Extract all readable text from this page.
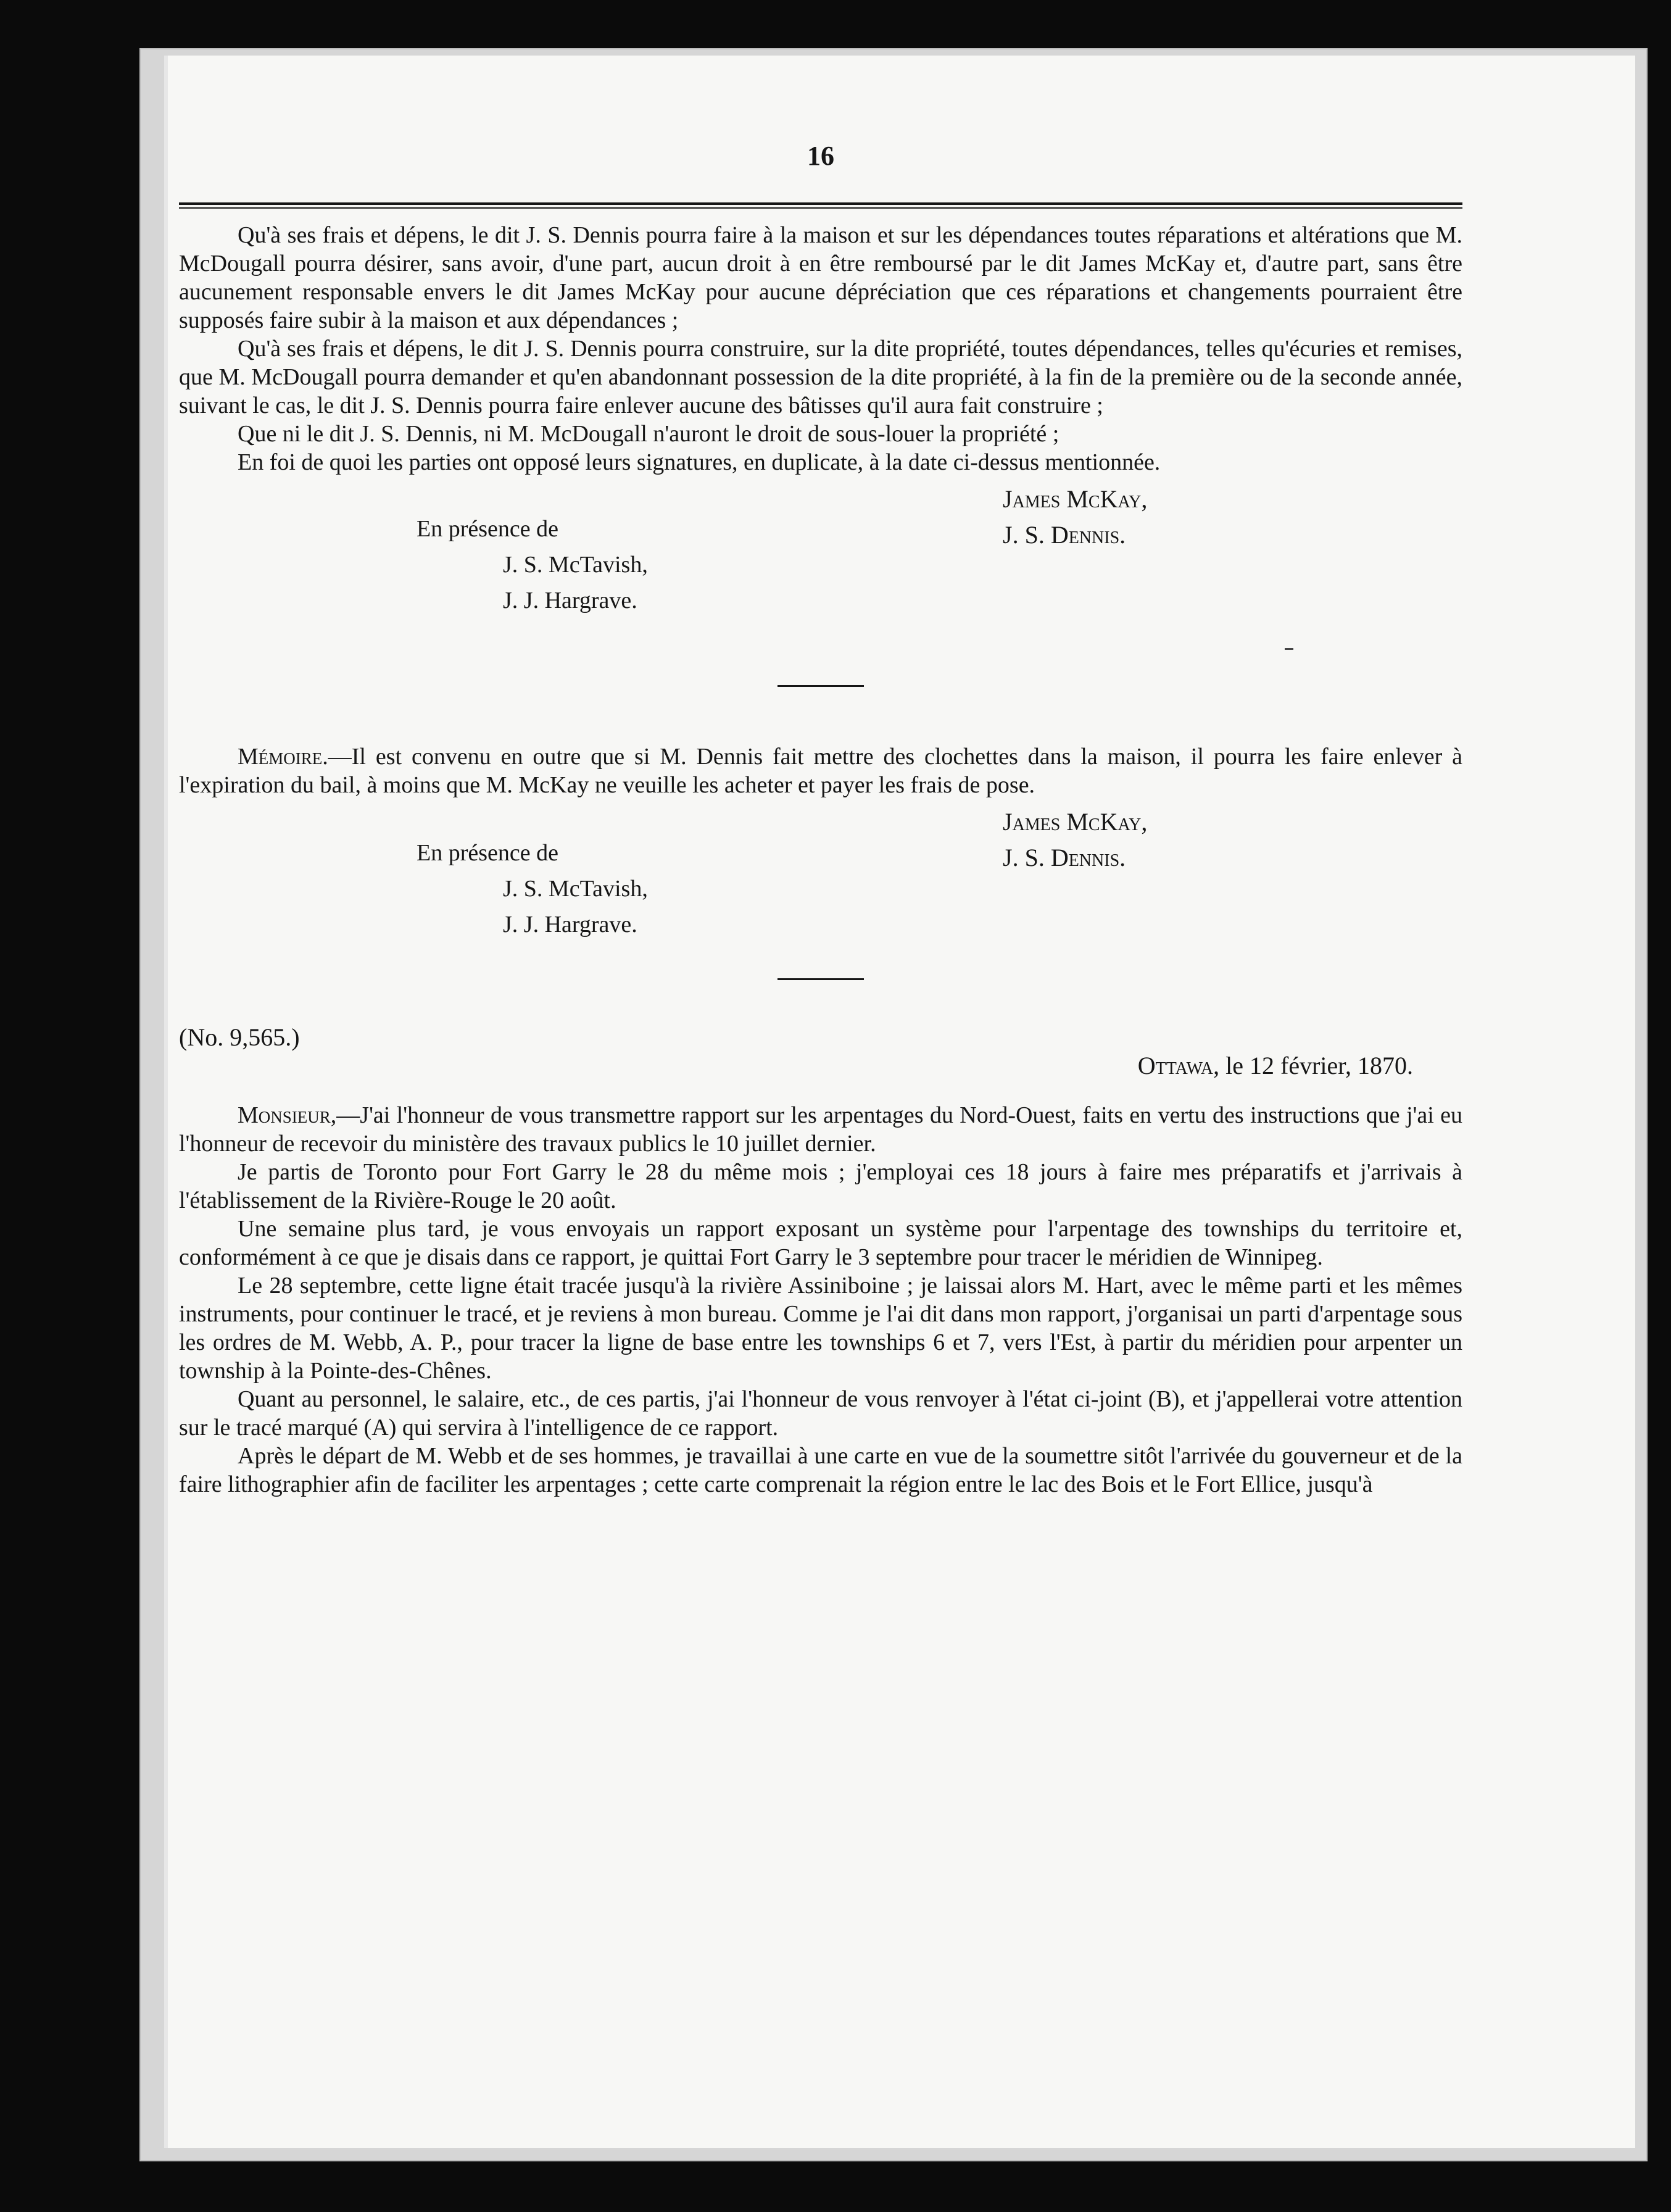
16

Qu'à ses frais et dépens, le dit J. S. Dennis pourra faire à la maison et sur les dépendances toutes réparations et altérations que M. McDougall pourra désirer, sans avoir, d'une part, aucun droit à en être remboursé par le dit James McKay et, d'autre part, sans être aucunement responsable envers le dit James McKay pour aucune dépréciation que ces réparations et changements pourraient être supposés faire subir à la maison et aux dépendances ;

Qu'à ses frais et dépens, le dit J. S. Dennis pourra construire, sur la dite propriété, toutes dépendances, telles qu'écuries et remises, que M. McDougall pourra demander et qu'en abandonnant possession de la dite propriété, à la fin de la première ou de la seconde année, suivant le cas, le dit J. S. Dennis pourra faire enlever aucune des bâtisses qu'il aura fait construire ;

Que ni le dit J. S. Dennis, ni M. McDougall n'auront le droit de sous-louer la propriété ;

En foi de quoi les parties ont opposé leurs signatures, en duplicate, à la date ci-dessus mentionnée.

James McKay,
J. S. Dennis.
En présence de
J. S. McTavish,
J. J. Hargrave.

Mémoire.—Il est convenu en outre que si M. Dennis fait mettre des clochettes dans la maison, il pourra les faire enlever à l'expiration du bail, à moins que M. McKay ne veuille les acheter et payer les frais de pose.

James McKay,
J. S. Dennis.
En présence de
J. S. McTavish,
J. J. Hargrave.
(No. 9,565.)
Ottawa, le 12 février, 1870.

Monsieur,—J'ai l'honneur de vous transmettre rapport sur les arpentages du Nord-Ouest, faits en vertu des instructions que j'ai eu l'honneur de recevoir du ministère des travaux publics le 10 juillet dernier.

Je partis de Toronto pour Fort Garry le 28 du même mois ; j'employai ces 18 jours à faire mes préparatifs et j'arrivais à l'établissement de la Rivière-Rouge le 20 août.

Une semaine plus tard, je vous envoyais un rapport exposant un système pour l'arpentage des townships du territoire et, conformément à ce que je disais dans ce rapport, je quittai Fort Garry le 3 septembre pour tracer le méridien de Winnipeg.

Le 28 septembre, cette ligne était tracée jusqu'à la rivière Assiniboine ; je laissai alors M. Hart, avec le même parti et les mêmes instruments, pour continuer le tracé, et je reviens à mon bureau. Comme je l'ai dit dans mon rapport, j'organisai un parti d'arpentage sous les ordres de M. Webb, A. P., pour tracer la ligne de base entre les townships 6 et 7, vers l'Est, à partir du méridien pour arpenter un township à la Pointe-des-Chênes.

Quant au personnel, le salaire, etc., de ces partis, j'ai l'honneur de vous renvoyer à l'état ci-joint (B), et j'appellerai votre attention sur le tracé marqué (A) qui servira à l'intelligence de ce rapport.

Après le départ de M. Webb et de ses hommes, je travaillai à une carte en vue de la soumettre sitôt l'arrivée du gouverneur et de la faire lithographier afin de faciliter les arpentages ; cette carte comprenait la région entre le lac des Bois et le Fort Ellice, jusqu'à
